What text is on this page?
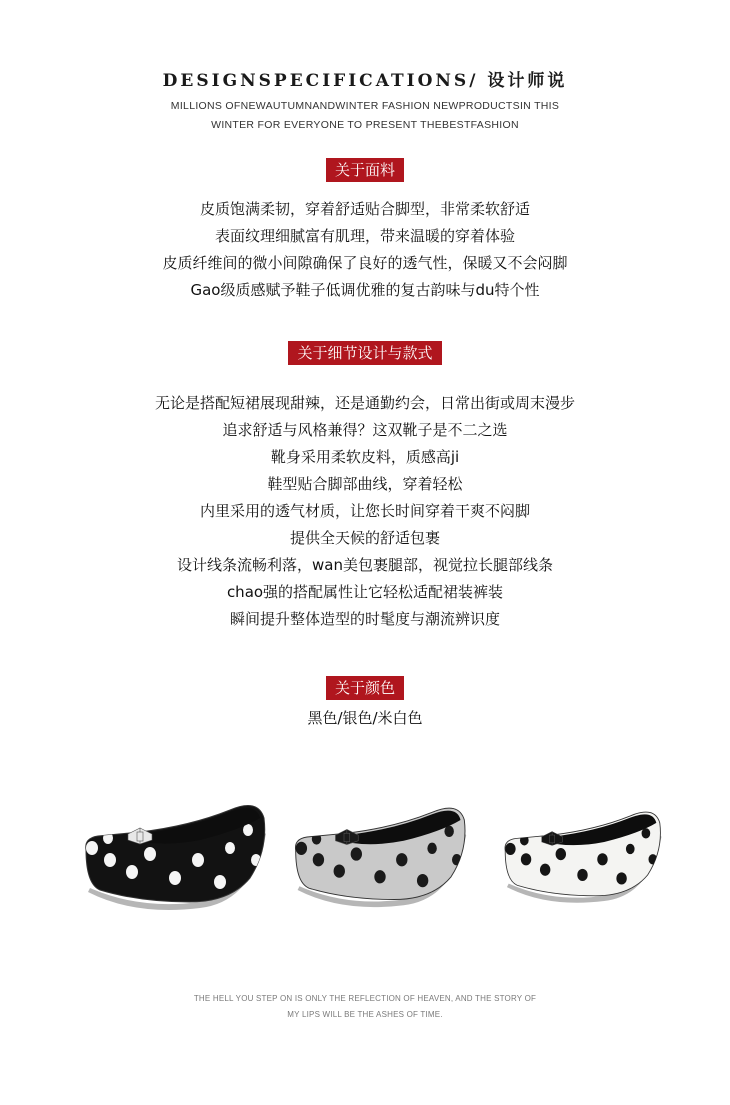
DESIGNSPECIFICATIONS/ 设计师说
MILLIONS OFNEWAUTUMNANDWINTER FASHION NEWPRODUCTSIN THIS
WINTER FOR EVERYONE TO PRESENT THEBESTFASHION
关于面料
皮质饱满柔韧，穿着舒适贴合脚型，非常柔软舒适
表面纹理细腻富有肌理，带来温暖的穿着体验
皮质纤维间的微小间隙确保了良好的透气性，保暖又不会闷脚
Gao级质感赋予鞋子低调优雅的复古韵味与du特个性
关于细节设计与款式
无论是搭配短裙展现甜辣，还是通勤约会，日常出街或周末漫步
追求舒适与风格兼得？这双靴子是不二之选
靴身采用柔软皮料，质感高ji
鞋型贴合脚部曲线，穿着轻松
内里采用的透气材质，让您长时间穿着干爽不闷脚
提供全天候的舒适包裹
设计线条流畅利落，wan美包裹腿部，视觉拉长腿部线条
chao强的搭配属性让它轻松适配裙装裤装
瞬间提升整体造型的时髦度与潮流辨识度
关于颜色
黑色/银色/米白色
THE HELL YOU STEP ON IS ONLY THE REFLECTION OF HEAVEN, AND THE STORY OF
MY LIPS WILL BE THE ASHES OF TIME.
